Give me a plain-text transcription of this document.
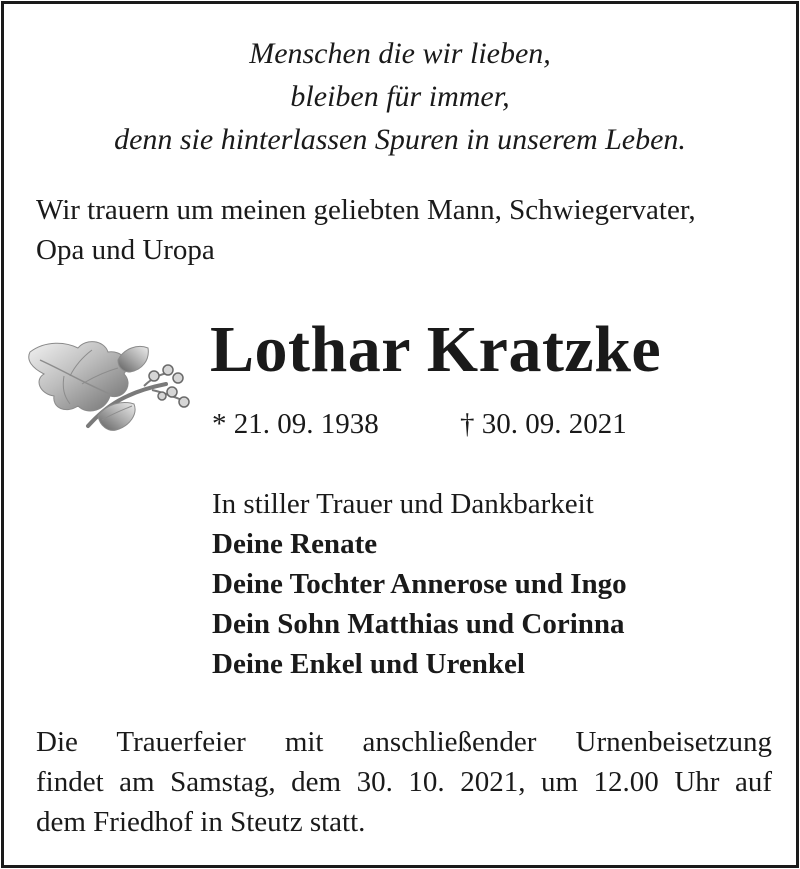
Menschen die wir lieben,
bleiben für immer,
denn sie hinterlassen Spuren in unserem Leben.
Wir trauern um meinen geliebten Mann, Schwiegervater,
Opa und Uropa
Lothar Kratzke
* 21. 09. 1938	† 30. 09. 2021
In stiller Trauer und Dankbarkeit
Deine Renate
Deine Tochter Annerose und Ingo
Dein Sohn Matthias und Corinna
Deine Enkel und Urenkel
Die Trauerfeier mit anschließender Urnenbeisetzung
findet am Samstag, dem 30. 10. 2021, um 12.00 Uhr auf
dem Friedhof in Steutz statt.
